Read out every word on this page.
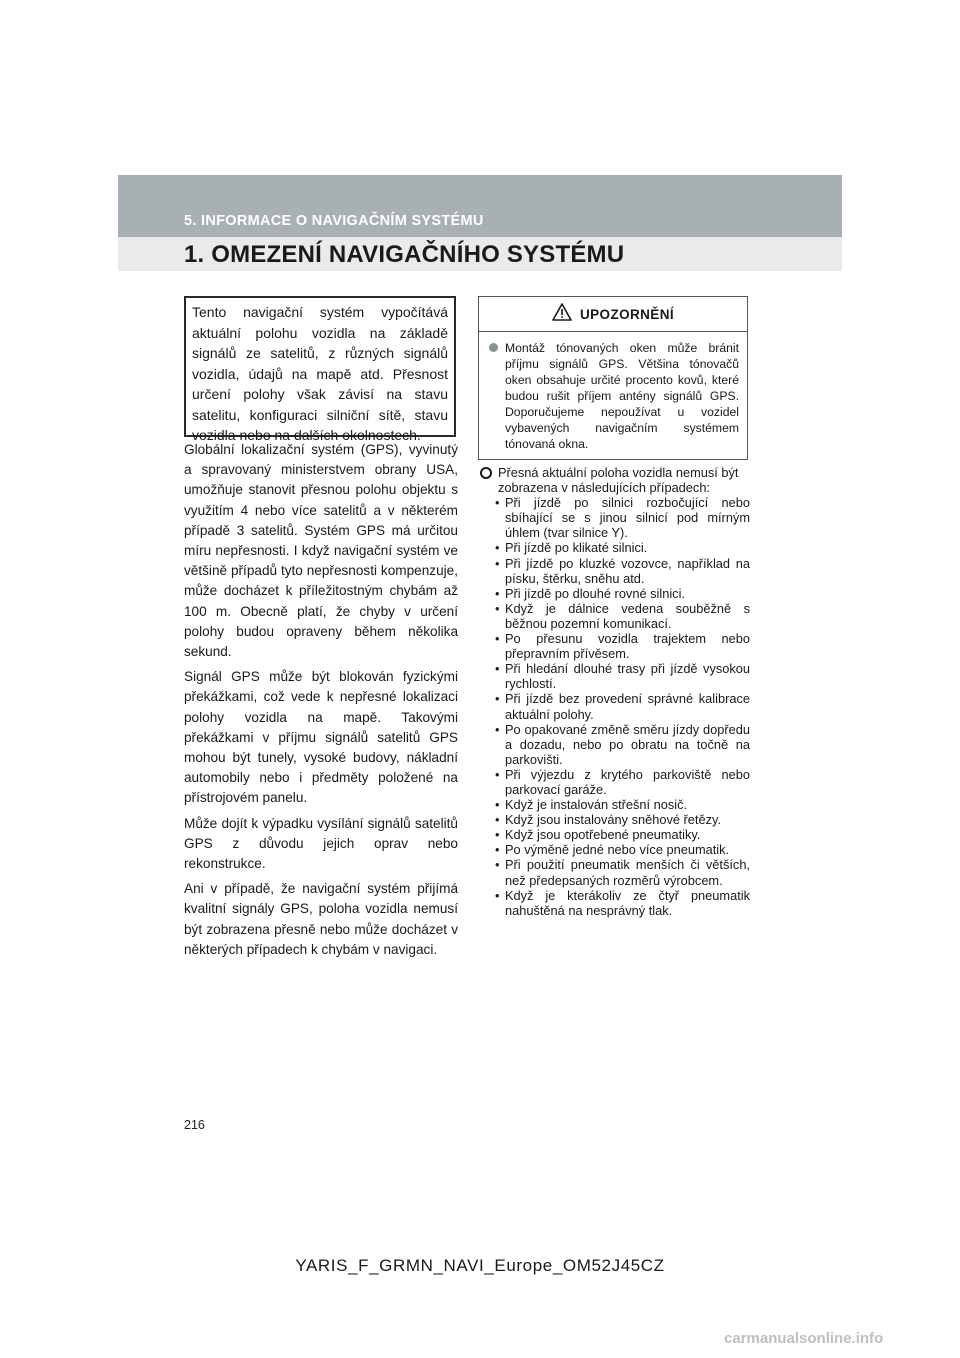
5. INFORMACE O NAVIGAČNÍM SYSTÉMU
1. OMEZENÍ NAVIGAČNÍHO SYSTÉMU
Tento navigační systém vypočítává aktuální polohu vozidla na základě signálů ze satelitů, z různých signálů vozidla, údajů na mapě atd. Přesnost určení polohy však závisí na stavu satelitu, konfiguraci silniční sítě, stavu vozidla nebo na dalších okolnostech.

Globální lokalizační systém (GPS), vyvinutý a spravovaný ministerstvem obrany USA, umožňuje stanovit přesnou polohu objektu s využitím 4 nebo více satelitů a v některém případě 3 satelitů. Systém GPS má určitou míru nepřesnosti. I když navigační systém ve většině případů tyto nepřesnosti kompenzuje, může docházet k příležitostným chybám až 100 m. Obecně platí, že chyby v určení polohy budou opraveny během několika sekund.

Signál GPS může být blokován fyzickými překážkami, což vede k nepřesné lokalizaci polohy vozidla na mapě. Takovými překážkami v příjmu signálů satelitů GPS mohou být tunely, vysoké budovy, nákladní automobily nebo i předměty položené na přístrojovém panelu.

Může dojít k výpadku vysílání signálů satelitů GPS z důvodu jejich oprav nebo rekonstrukce.

Ani v případě, že navigační systém přijímá kvalitní signály GPS, poloha vozidla nemusí být zobrazena přesně nebo může docházet v některých případech k chybám v navigaci.

UPOZORNĚNÍ
Montáž tónovaných oken může bránit příjmu signálů GPS. Většina tónovačů oken obsahuje určité procento kovů, které budou rušit příjem antény signálů GPS. Doporučujeme nepoužívat u vozidel vybavených navigačním systémem tónovaná okna.
Přesná aktuální poloha vozidla nemusí být zobrazena v následujících případech:
• Při jízdě po silnici rozbočující nebo sbíhající se s jinou silnicí pod mírným úhlem (tvar silnice Y).
• Při jízdě po klikaté silnici.
• Při jízdě po kluzké vozovce, například na písku, štěrku, sněhu atd.
• Při jízdě po dlouhé rovné silnici.
• Když je dálnice vedena souběžně s běžnou pozemní komunikací.
• Po přesunu vozidla trajektem nebo přepravním přívěsem.
• Při hledání dlouhé trasy při jízdě vysokou rychlostí.
• Při jízdě bez provedení správné kalibrace aktuální polohy.
• Po opakované změně směru jízdy dopředu a dozadu, nebo po obratu na točně na parkovišti.
• Při výjezdu z krytého parkoviště nebo parkovací garáže.
• Když je instalován střešní nosič.
• Když jsou instalovány sněhové řetězy.
• Když jsou opotřebené pneumatiky.
• Po výměně jedné nebo více pneumatik.
• Při použití pneumatik menších či větších, než předepsaných rozměrů výrobcem.
• Když je kterákoliv ze čtyř pneumatik nahuštěná na nesprávný tlak.
216
YARIS_F_GRMN_NAVI_Europe_OM52J45CZ
carmanualsonline.info
